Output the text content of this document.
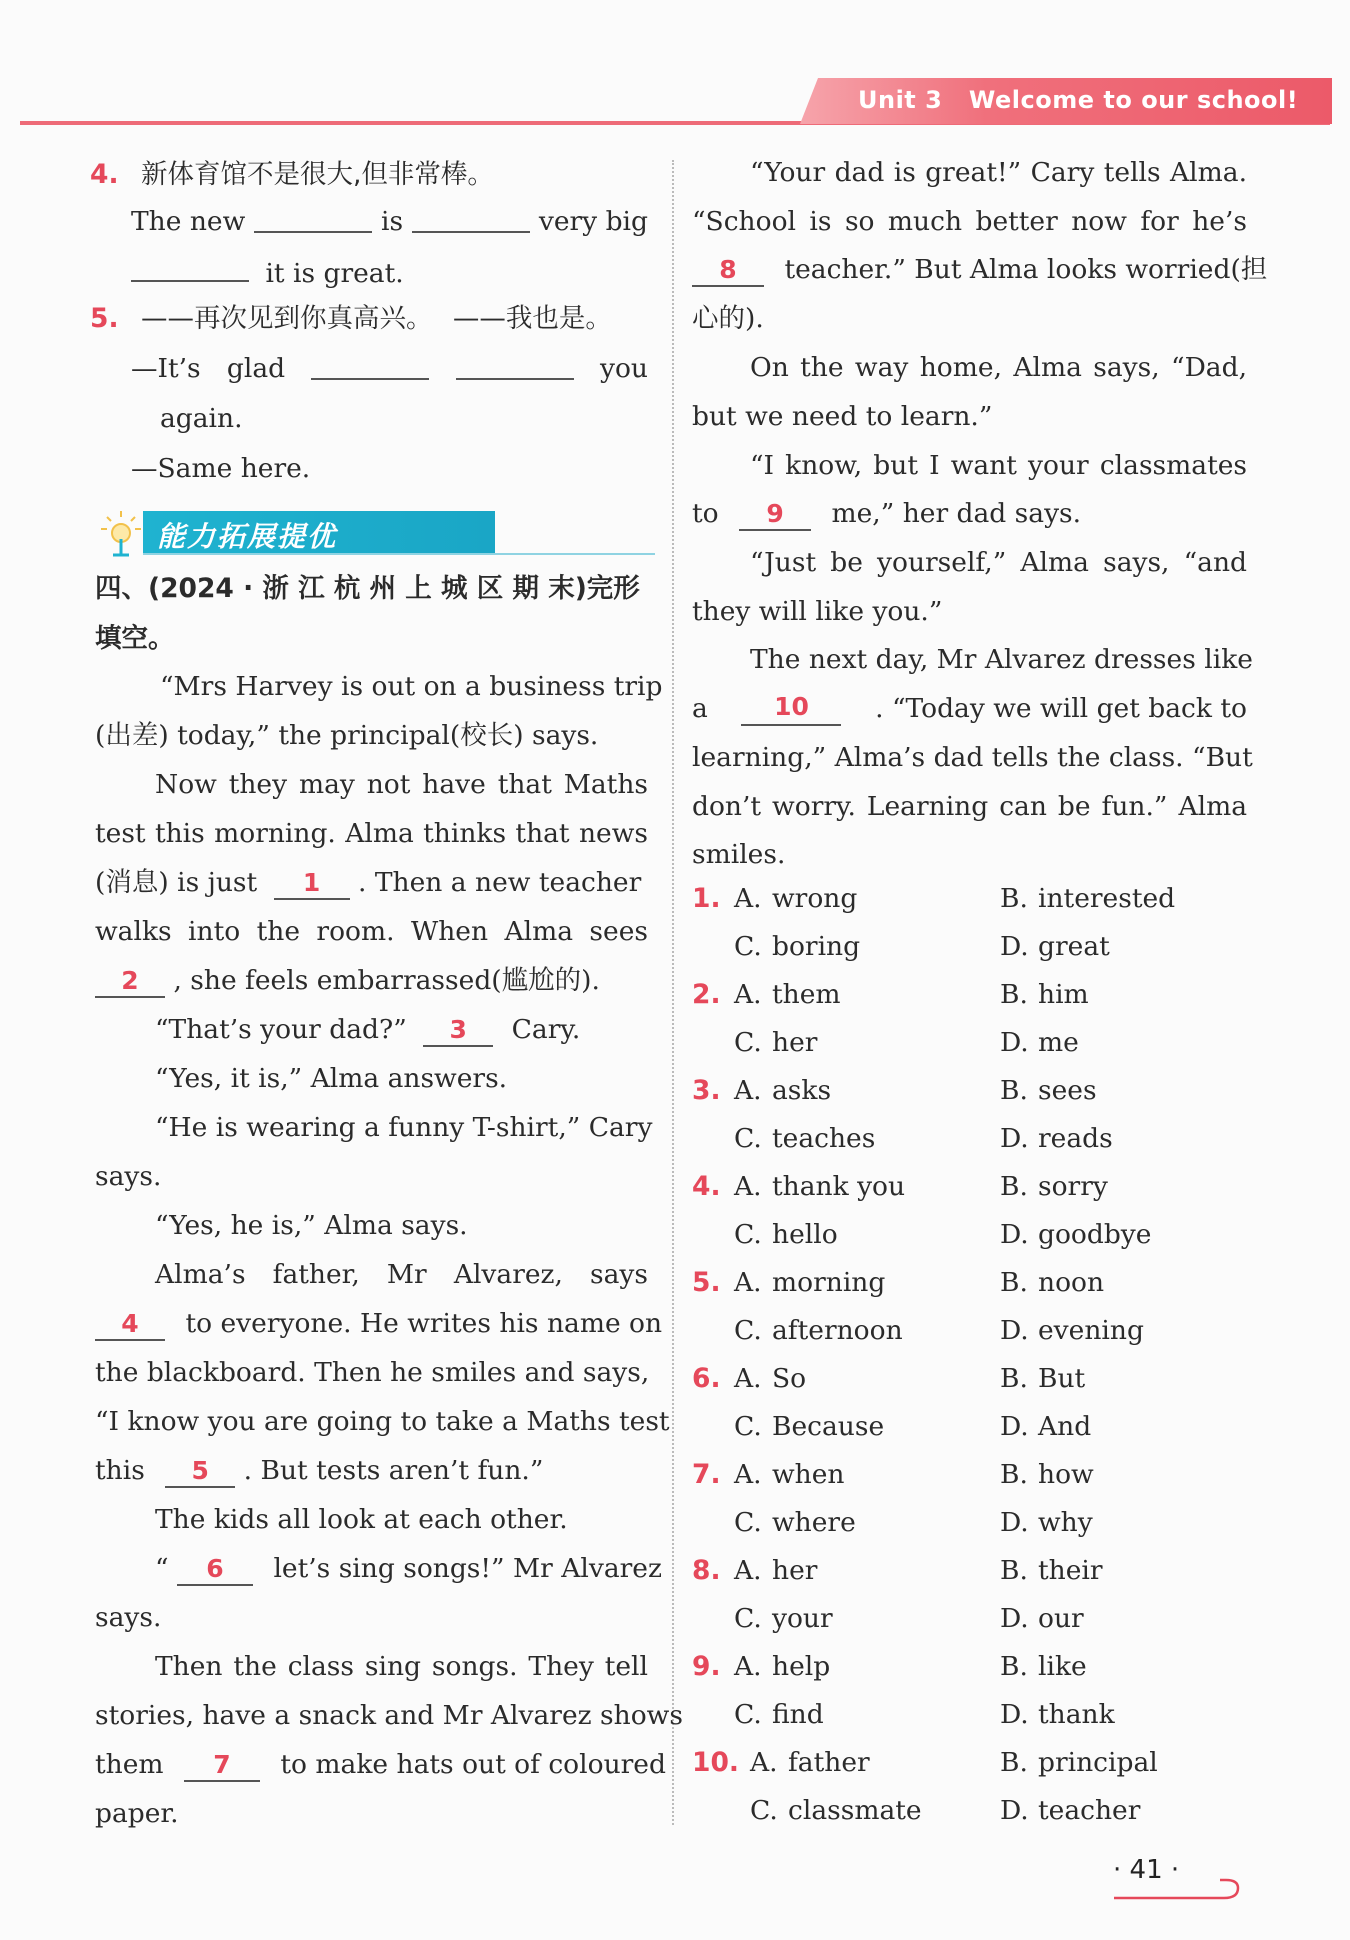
Unit 3   Welcome to our school!
4. 新体育馆不是很大,但非常棒。
The new	is	very big
it is great.
5. ——再次见到你真高兴。 ——我也是。
—It’s glad	you
again.
—Same here.
能力拓展提优
四、(2024 · 浙 江 杭 州 上 城 区 期 末)完形
填空。
“Mrs Harvey is out on a business trip
(出差) today,” the principal(校长) says.
Now they may not have that Maths
test this morning. Alma thinks that news
(消息) is just 1 . Then a new teacher
walks into the room. When Alma sees
2 , she feels embarrassed(尴尬的).
“That’s your dad?” 3 Cary.
“Yes, it is,” Alma answers.
“He is wearing a funny T-shirt,” Cary
says.
“Yes, he is,” Alma says.
Alma’s father, Mr Alvarez, says
4 to everyone. He writes his name on
the blackboard. Then he smiles and says,
“I know you are going to take a Maths test
this 5 . But tests aren’t fun.”
The kids all look at each other.
“ 6 let’s sing songs!” Mr Alvarez
says.
Then the class sing songs. They tell
stories, have a snack and Mr Alvarez shows
them 7 to make hats out of coloured
paper.
“Your dad is great!” Cary tells Alma.
“School is so much better now for he’s
8 teacher.” But Alma looks worried(担
心的).
On the way home, Alma says, “Dad,
but we need to learn.”
“I know, but I want your classmates
to 9 me,” her dad says.
“Just be yourself,” Alma says, “and
they will like you.”
The next day, Mr Alvarez dresses like
a	10	. “Today we will get back to
learning,” Alma’s dad tells the class. “But
don’t worry. Learning can be fun.” Alma
smiles.
1. A. wrong	B. interested
C. boring	D. great
2. A. them	B. him
C. her	D. me
3. A. asks	B. sees
C. teaches	D. reads
4. A. thank you	B. sorry
C. hello	D. goodbye
5. A. morning	B. noon
C. afternoon	D. evening
6. A. So	B. But
C. Because	D. And
7. A. when	B. how
C. where	D. why
8. A. her	B. their
C. your	D. our
9. A. help	B. like
C. find	D. thank
10. A. father	B. principal
C. classmate	D. teacher
· 41 ·
